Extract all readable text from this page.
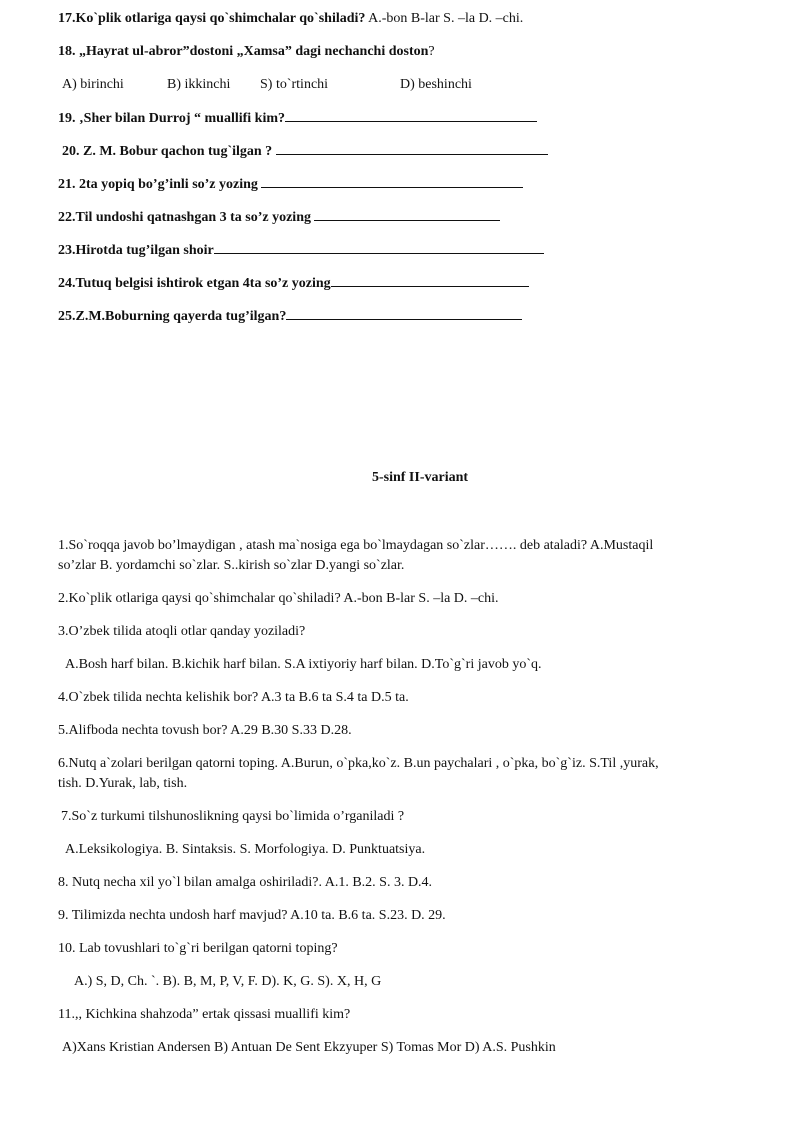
17.Ko`plik otlariga qaysi qo`shimchalar qo`shiladi? A.-bon B-lar S. –la D. –chi.
18. „Hayrat ul-abror”dostoni „Xamsa” dagi nechanchi doston?
A) birinchi	B) ikkinchi S) to`rtinchi	D) beshinchi
19. ‚Sher bilan Durroj “ muallifi kim?
20. Z. M. Bobur qachon tug`ilgan ?
21. 2ta yopiq bo’g’inli so’z yozing
22.Til undoshi qatnashgan 3 ta so’z yozing
23.Hirotda tug’ilgan shoir
24.Tutuq belgisi ishtirok etgan 4ta so’z yozing
25.Z.M.Boburning qayerda tug’ilgan?
5-sinf II-variant
1.So`roqqa javob bo’lmaydigan , atash ma`nosiga ega bo`lmaydagan so`zlar……. deb ataladi? A.Mustaqil
so’zlar B. yordamchi so`zlar. S..kirish so`zlar D.yangi so`zlar.
2.Ko`plik otlariga qaysi qo`shimchalar qo`shiladi? A.-bon B-lar S. –la D. –chi.
3.O’zbek tilida atoqli otlar qanday yoziladi?
A.Bosh harf bilan. B.kichik harf bilan. S.A ixtiyoriy harf bilan. D.To`g`ri javob yo`q.
4.O`zbek tilida nechta kelishik bor? A.3 ta B.6 ta S.4 ta D.5 ta.
5.Alifboda nechta tovush bor? A.29 B.30 S.33 D.28.
6.Nutq a`zolari berilgan qatorni toping. A.Burun, o`pka,ko`z. B.un paychalari , o`pka, bo`g`iz. S.Til ,yurak,
tish. D.Yurak, lab, tish.
7.So`z turkumi tilshunoslikning qaysi bo`limida o’rganiladi ?
A.Leksikologiya. B. Sintaksis. S. Morfologiya. D. Punktuatsiya.
8. Nutq necha xil yo`l bilan amalga oshiriladi?. A.1. B.2. S. 3. D.4.
9. Tilimizda nechta undosh harf mavjud? A.10 ta. B.6 ta. S.23. D. 29.
10. Lab tovushlari to`g`ri berilgan qatorni toping?
A.) S, D, Ch. `. B). B, M, P, V, F. D). K, G. S). X, H, G
11.,, Kichkina shahzoda” ertak qissasi muallifi kim?
A)Xans Kristian Andersen B) Antuan De Sent Ekzyuper S) Tomas Mor D) A.S. Pushkin
